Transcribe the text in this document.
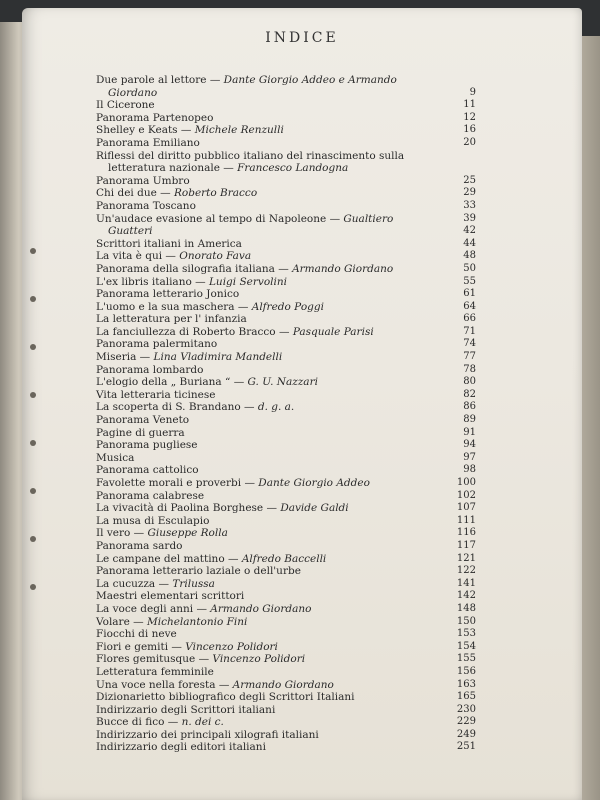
INDICE
Due parole al lettore — Dante Giorgio Addeo e Armando
Giordano	9
Il Cicerone	11
Panorama Partenopeo	12
Shelley e Keats — Michele Renzulli	16
Panorama Emiliano	20
Riflessi del diritto pubblico italiano del rinascimento sulla
letteratura nazionale — Francesco Landogna
Panorama Umbro	25
Chi dei due — Roberto Bracco	29
Panorama Toscano	33
Un'audace evasione al tempo di Napoleone — Gualtiero	39
Guatteri	42
Scrittori italiani in America	44
La vita è qui — Onorato Fava	48
Panorama della silografia italiana — Armando Giordano	50
L'ex libris italiano — Luigi Servolini	55
Panorama letterario Jonico	61
L'uomo e la sua maschera — Alfredo Poggi	64
La letteratura per l' infanzia	66
La fanciullezza di Roberto Bracco — Pasquale Parisi	71
Panorama palermitano	74
Miseria — Lina Vladimira Mandelli	77
Panorama lombardo	78
L'elogio della „ Buriana “ — G. U. Nazzari	80
Vita letteraria ticinese	82
La scoperta di S. Brandano — d. g. a.	86
Panorama Veneto	89
Pagine di guerra	91
Panorama pugliese	94
Musica	97
Panorama cattolico	98
Favolette morali e proverbi — Dante Giorgio Addeo	100
Panorama calabrese	102
La vivacità di Paolina Borghese — Davide Galdi	107
La musa di Esculapio	111
Il vero — Giuseppe Rolla	116
Panorama sardo	117
Le campane del mattino — Alfredo Baccelli	121
Panorama letterario laziale o dell'urbe	122
La cucuzza — Trilussa	141
Maestri elementari scrittori	142
La voce degli anni — Armando Giordano	148
Volare — Michelantonio Fini	150
Fiocchi di neve	153
Fiori e gemiti — Vincenzo Polidori	154
Flores gemitusque — Vincenzo Polidori	155
Letteratura femminile	156
Una voce nella foresta — Armando Giordano	163
Dizionarietto bibliografico degli Scrittori Italiani	165
Indirizzario degli Scrittori italiani	230
Bucce di fico — n. dei c.	229
Indirizzario dei principali xilografi italiani	249
Indirizzario degli editori italiani	251
